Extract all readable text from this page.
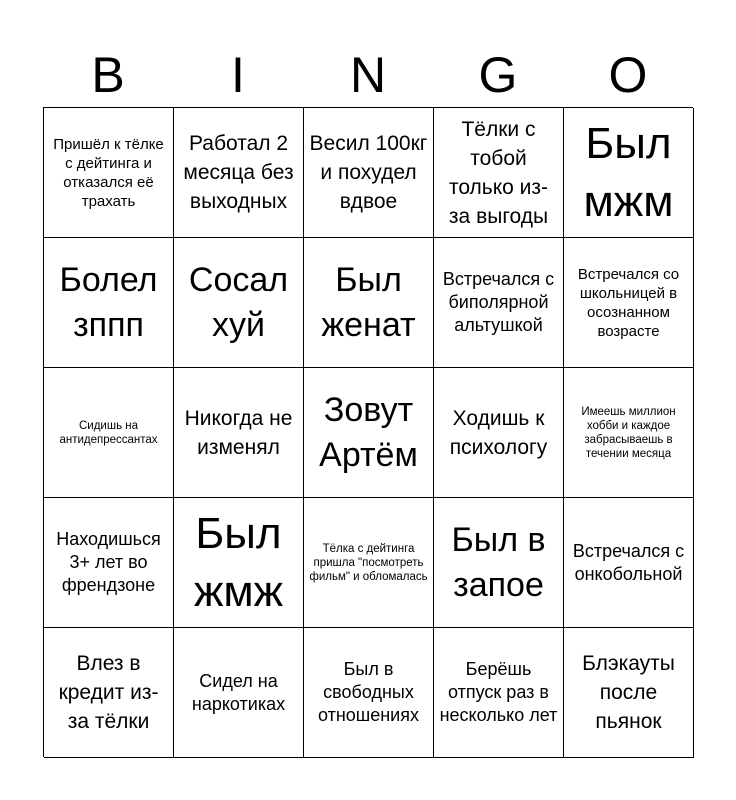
B	I	N	G	O
Пришёл к тёлке с дейтинга и отказался её трахать
Работал 2 месяца без выходных
Весил 100кг и похудел вдвое
Тёлки с тобой только из-за выгоды
Был мжм
Болел зппп
Сосал хуй
Был женат
Встречался с биполярной альтушкой
Встречался со школьницей в осознанном возрасте
Сидишь на антидепрессантах
Никогда не изменял
Зовут Артём
Ходишь к психологу
Имеешь миллион хобби и каждое забрасываешь в течении месяца
Находишься 3+ лет во френдзоне
Был жмж
Тёлка с дейтинга пришла "посмотреть фильм" и обломалась
Был в запое
Встречался с онкобольной
Влез в кредит из-за тёлки
Сидел на наркотиках
Был в свободных отношениях
Берёшь отпуск раз в несколько лет
Блэкауты после пьянок
